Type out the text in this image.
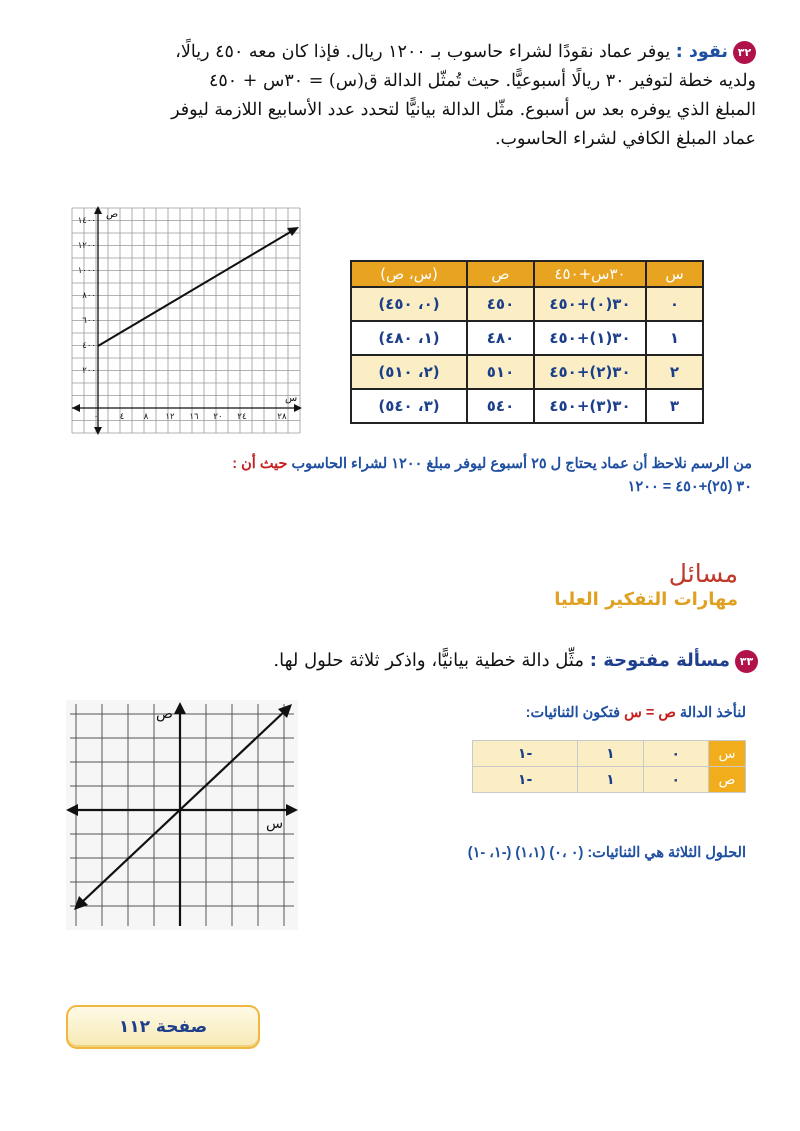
٣٢نقود : يوفر عماد نقودًا لشراء حاسوب بـ ١٢٠٠ ريال. فإذا كان معه ٤٥٠ ريالًا،
ولديه خطة لتوفير ٣٠ ريالًا أسبوعيًّا. حيث تُمثّل الدالة ق(س) = ٣٠س + ٤٥٠
المبلغ الذي يوفره بعد س أسبوع. مثّل الدالة بيانيًّا لتحدد عدد الأسابيع اللازمة ليوفر
عماد المبلغ الكافي لشراء الحاسوب.
١٤٠٠
١٢٠٠
١٠٠٠
٨٠٠
٦٠٠
٤٠٠
٢٠٠
٠	٤ ٨ ١٢ ١٦ ٢٠ ٢٤	٢٨
ص
س
س	٣٠س+٤٥٠	ص	(س، ص)
٠	٣٠(٠)+٤٥٠	٤٥٠	(٠، ٤٥٠)
١	٣٠(١)+٤٥٠	٤٨٠	(١، ٤٨٠)
٢	٣٠(٢)+٤٥٠	٥١٠	(٢، ٥١٠)
٣	٣٠(٣)+٤٥٠	٥٤٠	(٣، ٥٤٠)
من الرسم نلاحظ أن عماد يحتاج ل ٢٥ أسبوع ليوفر مبلغ ١٢٠٠ لشراء الحاسوب حيث أن :
٣٠ (٢٥)+٤٥٠ = ١٢٠٠
مسائل
مهارات التفكير العليا
٣٣مسألة مفتوحة : مثِّل دالة خطية بيانيًّا، واذكر ثلاثة حلول لها.
ص
س
لنأخذ الدالة ص = س فتكون الثنائيات:
س	٠	١	-١
ص	٠	١	-١
الحلول الثلاثة هي الثنائيات: (٠ ،٠) (١،١) (-١، -١)
صفحة ١١٢
